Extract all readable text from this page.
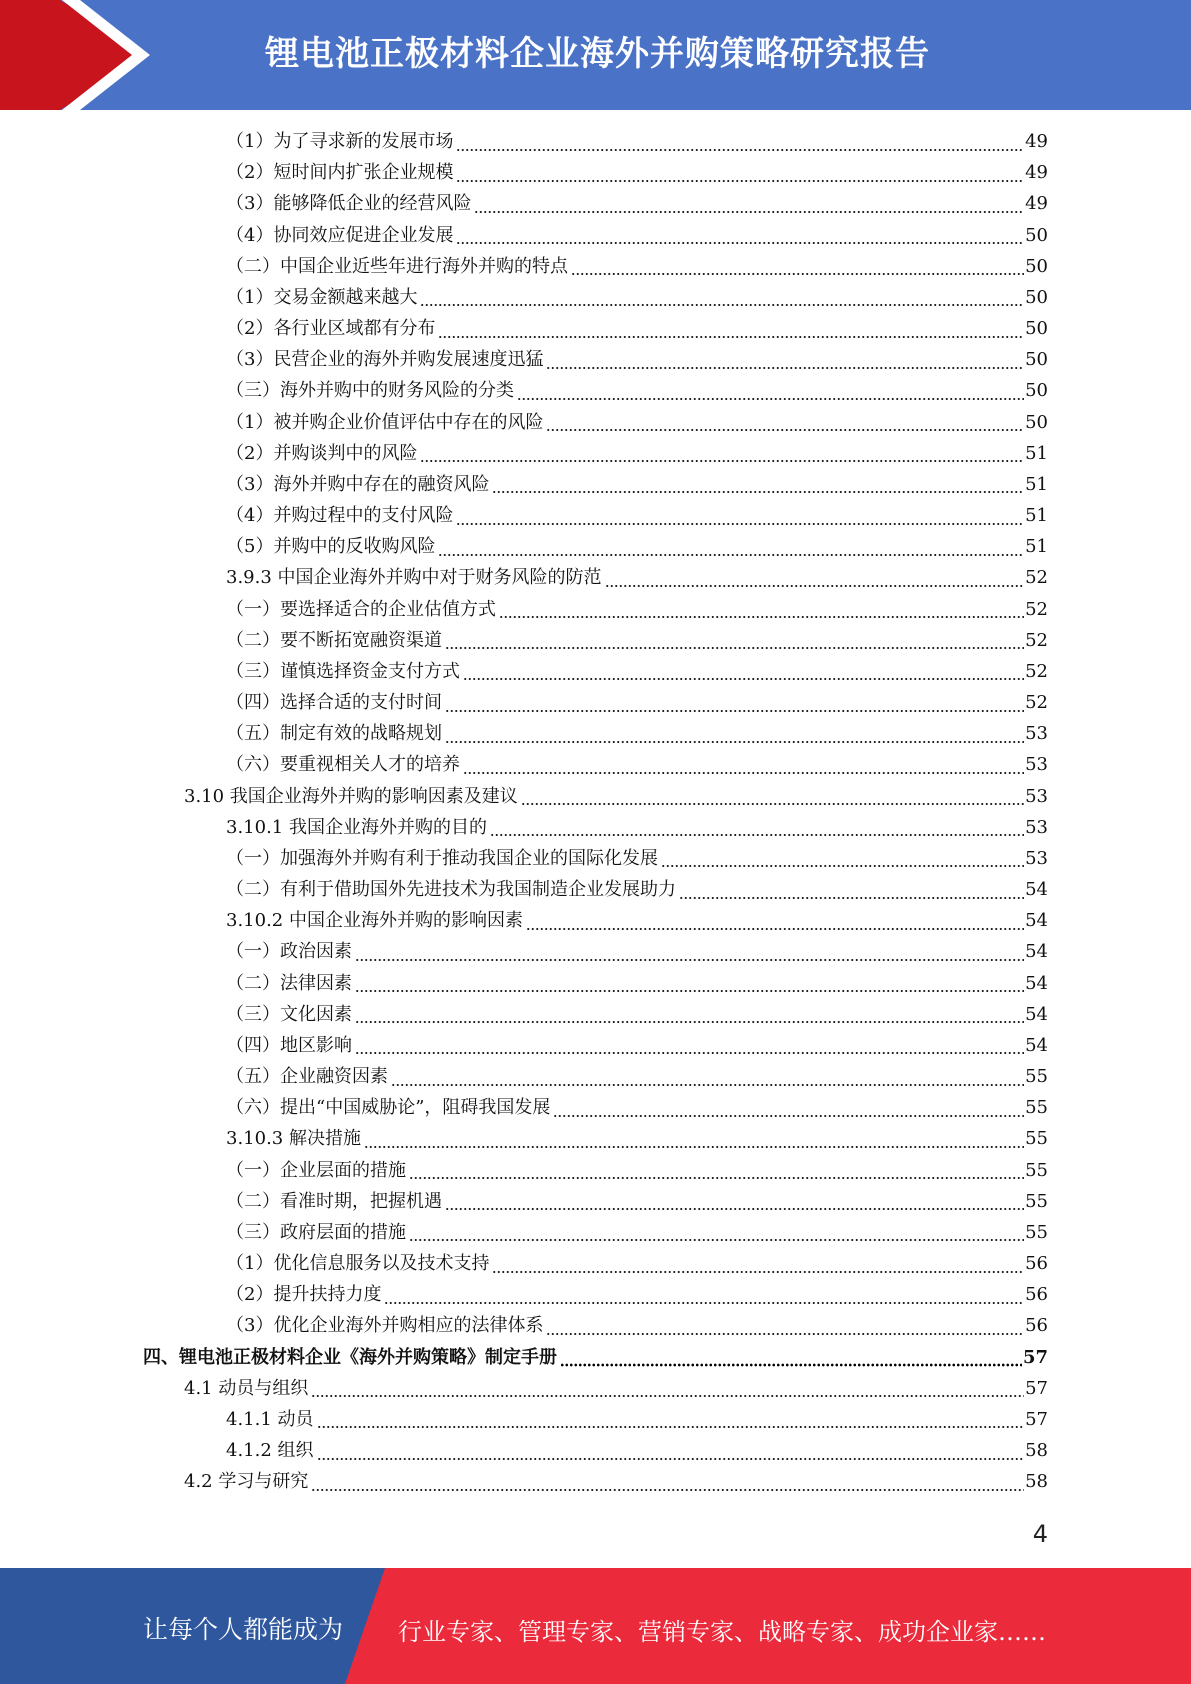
锂电池正极材料企业海外并购策略研究报告
（1）为了寻求新的发展市场	49
（2）短时间内扩张企业规模	49
（3）能够降低企业的经营风险	49
（4）协同效应促进企业发展	50
（二）中国企业近些年进行海外并购的特点	50
（1）交易金额越来越大	50
（2）各行业区域都有分布	50
（3）民营企业的海外并购发展速度迅猛	50
（三）海外并购中的财务风险的分类	50
（1）被并购企业价值评估中存在的风险	50
（2）并购谈判中的风险	51
（3）海外并购中存在的融资风险	51
（4）并购过程中的支付风险	51
（5）并购中的反收购风险	51
3.9.3 中国企业海外并购中对于财务风险的防范	52
（一）要选择适合的企业估值方式	52
（二）要不断拓宽融资渠道	52
（三）谨慎选择资金支付方式	52
（四）选择合适的支付时间	52
（五）制定有效的战略规划	53
（六）要重视相关人才的培养	53
3.10 我国企业海外并购的影响因素及建议	53
3.10.1 我国企业海外并购的目的	53
（一）加强海外并购有利于推动我国企业的国际化发展	53
（二）有利于借助国外先进技术为我国制造企业发展助力	54
3.10.2 中国企业海外并购的影响因素	54
（一）政治因素	54
（二）法律因素	54
（三）文化因素	54
（四）地区影响	54
（五）企业融资因素	55
（六）提出“中国威胁论”，阻碍我国发展	55
3.10.3 解决措施	55
（一）企业层面的措施	55
（二）看准时期，把握机遇	55
（三）政府层面的措施	55
（1）优化信息服务以及技术支持	56
（2）提升扶持力度	56
（3）优化企业海外并购相应的法律体系	56
四、锂电池正极材料企业《海外并购策略》制定手册	57
4.1 动员与组织	57
4.1.1 动员	57
4.1.2 组织	58
4.2 学习与研究	58
4
让每个人都能成为 行业专家、管理专家、营销专家、战略专家、成功企业家……
